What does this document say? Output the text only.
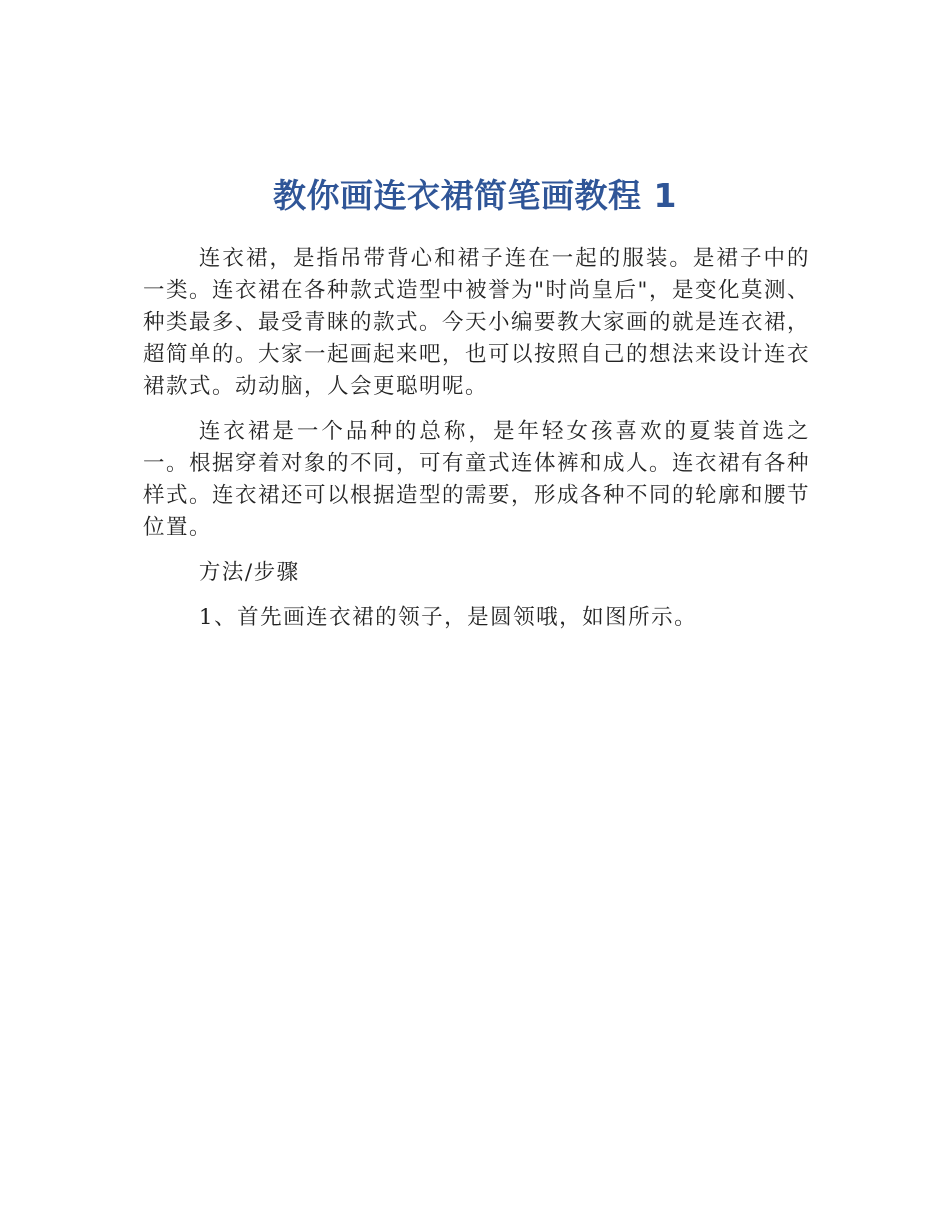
教你画连衣裙简笔画教程 1

连衣裙，是指吊带背心和裙子连在一起的服装。是裙子中的一类。连衣裙在各种款式造型中被誉为"时尚皇后"，是变化莫测、种类最多、最受青睐的款式。今天小编要教大家画的就是连衣裙，超简单的。大家一起画起来吧，也可以按照自己的想法来设计连衣裙款式。动动脑，人会更聪明呢。

连衣裙是一个品种的总称，是年轻女孩喜欢的夏装首选之一。根据穿着对象的不同，可有童式连体裤和成人。连衣裙有各种样式。连衣裙还可以根据造型的需要，形成各种不同的轮廓和腰节位置。

方法/步骤

1、首先画连衣裙的领子，是圆领哦，如图所示。
